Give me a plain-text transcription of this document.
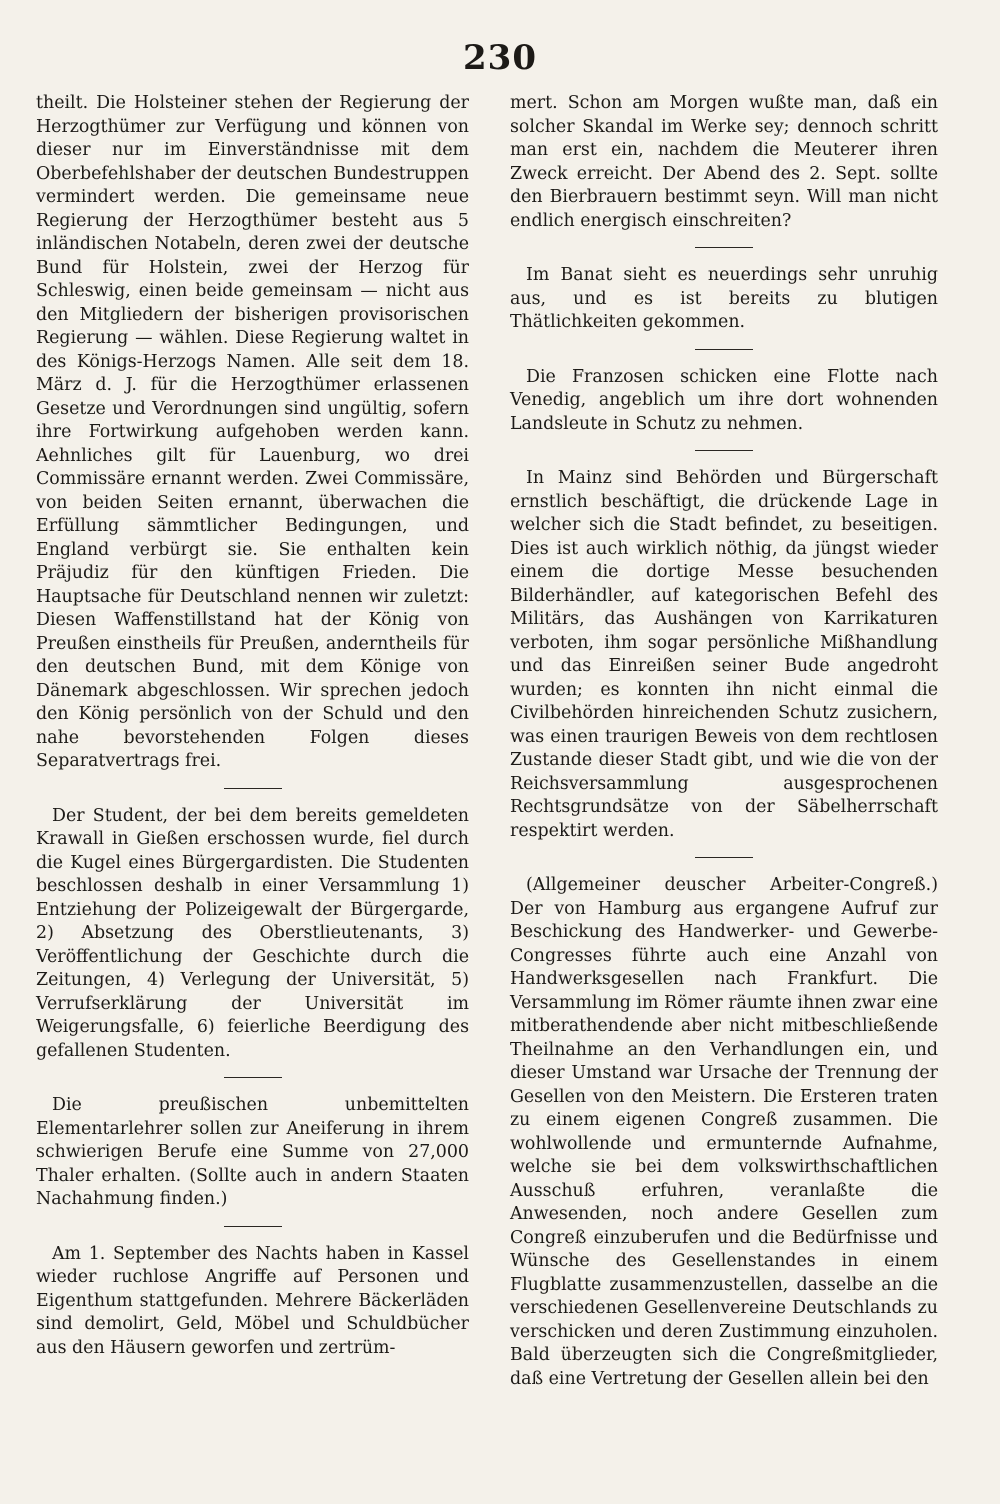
230

theilt. Die Holsteiner stehen der Regierung der Herzogthümer zur Verfügung und können von dieser nur im Einverständnisse mit dem Oberbefehlshaber der deutschen Bundestruppen vermindert werden. Die gemeinsame neue Regierung der Herzogthümer besteht aus 5 inländischen Notabeln, deren zwei der deutsche Bund für Holstein, zwei der Herzog für Schleswig, einen beide gemeinsam — nicht aus den Mitgliedern der bisherigen provisorischen Regierung — wählen. Diese Regierung waltet in des Königs-Herzogs Namen. Alle seit dem 18. März d. J. für die Herzogthümer erlassenen Gesetze und Verordnungen sind ungültig, sofern ihre Fortwirkung aufgehoben werden kann. Aehnliches gilt für Lauenburg, wo drei Commissäre ernannt werden. Zwei Commissäre, von beiden Seiten ernannt, überwachen die Erfüllung sämmtlicher Bedingungen, und England verbürgt sie. Sie enthalten kein Präjudiz für den künftigen Frieden. Die Hauptsache für Deutschland nennen wir zuletzt: Diesen Waffenstillstand hat der König von Preußen einstheils für Preußen, anderntheils für den deutschen Bund, mit dem Könige von Dänemark abgeschlossen. Wir sprechen jedoch den König persönlich von der Schuld und den nahe bevorstehenden Folgen dieses Separatvertrags frei.

Der Student, der bei dem bereits gemeldeten Krawall in Gießen erschossen wurde, fiel durch die Kugel eines Bürgergardisten. Die Studenten beschlossen deshalb in einer Versammlung 1) Entziehung der Polizeigewalt der Bürgergarde, 2) Absetzung des Oberstlieutenants, 3) Veröffentlichung der Geschichte durch die Zeitungen, 4) Verlegung der Universität, 5) Verrufserklärung der Universität im Weigerungsfalle, 6) feierliche Beerdigung des gefallenen Studenten.

Die preußischen unbemittelten Elementarlehrer sollen zur Aneiferung in ihrem schwierigen Berufe eine Summe von 27,000 Thaler erhalten. (Sollte auch in andern Staaten Nachahmung finden.)

Am 1. September des Nachts haben in Kassel wieder ruchlose Angriffe auf Personen und Eigenthum stattgefunden. Mehrere Bäckerläden sind demolirt, Geld, Möbel und Schuldbücher aus den Häusern geworfen und zertrüm-

mert. Schon am Morgen wußte man, daß ein solcher Skandal im Werke sey; dennoch schritt man erst ein, nachdem die Meuterer ihren Zweck erreicht. Der Abend des 2. Sept. sollte den Bierbrauern bestimmt seyn. Will man nicht endlich energisch einschreiten?

Im Banat sieht es neuerdings sehr unruhig aus, und es ist bereits zu blutigen Thätlichkeiten gekommen.

Die Franzosen schicken eine Flotte nach Venedig, angeblich um ihre dort wohnenden Landsleute in Schutz zu nehmen.

In Mainz sind Behörden und Bürgerschaft ernstlich beschäftigt, die drückende Lage in welcher sich die Stadt befindet, zu beseitigen. Dies ist auch wirklich nöthig, da jüngst wieder einem die dortige Messe besuchenden Bilderhändler, auf kategorischen Befehl des Militärs, das Aushängen von Karrikaturen verboten, ihm sogar persönliche Mißhandlung und das Einreißen seiner Bude angedroht wurden; es konnten ihn nicht einmal die Civilbehörden hinreichenden Schutz zusichern, was einen traurigen Beweis von dem rechtlosen Zustande dieser Stadt gibt, und wie die von der Reichsversammlung ausgesprochenen Rechtsgrundsätze von der Säbelherrschaft respektirt werden.

(Allgemeiner deuscher Arbeiter-Congreß.) Der von Hamburg aus ergangene Aufruf zur Beschickung des Handwerker- und Gewerbe-Congresses führte auch eine Anzahl von Handwerksgesellen nach Frankfurt. Die Versammlung im Römer räumte ihnen zwar eine mitberathendende aber nicht mitbeschließende Theilnahme an den Verhandlungen ein, und dieser Umstand war Ursache der Trennung der Gesellen von den Meistern. Die Ersteren traten zu einem eigenen Congreß zusammen. Die wohlwollende und ermunternde Aufnahme, welche sie bei dem volkswirthschaftlichen Ausschuß erfuhren, veranlaßte die Anwesenden, noch andere Gesellen zum Congreß einzuberufen und die Bedürfnisse und Wünsche des Gesellenstandes in einem Flugblatte zusammenzustellen, dasselbe an die verschiedenen Gesellenvereine Deutschlands zu verschicken und deren Zustimmung einzuholen. Bald überzeugten sich die Congreßmitglieder, daß eine Vertretung der Gesellen allein bei den
